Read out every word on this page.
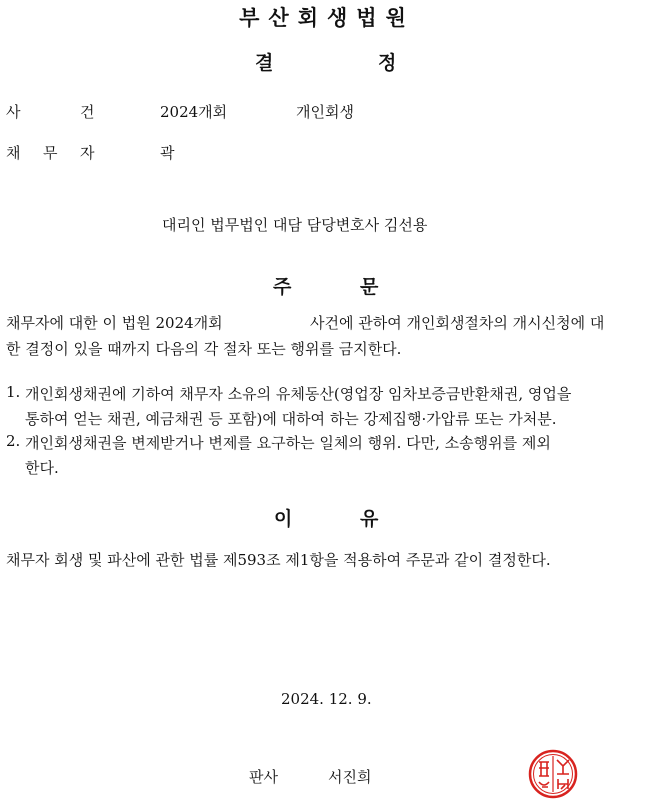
부산회생법원
결	정
사	건	2024개회	개인회생
채 무 자	곽
대리인 법무법인 대담 담당변호사 김선용
주	문
채무자에 대한 이 법원 2024개회	사건에 관하여 개인회생절차의 개시신청에 대
한 결정이 있을 때까지 다음의 각 절차 또는 행위를 금지한다.
1. 개인회생채권에 기하여 채무자 소유의 유체동산(영업장 임차보증금반환채권, 영업을
통하여 얻는 채권, 예금채권 등 포함)에 대하여 하는 강제집행·가압류 또는 가처분.
2. 개인회생채권을 변제받거나 변제를 요구하는 일체의 행위. 다만, 소송행위를 제외
한다.
이	유
채무자 회생 및 파산에 관한 법률 제593조 제1항을 적용하여 주문과 같이 결정한다.
2024. 12. 9.
판사	서진희
